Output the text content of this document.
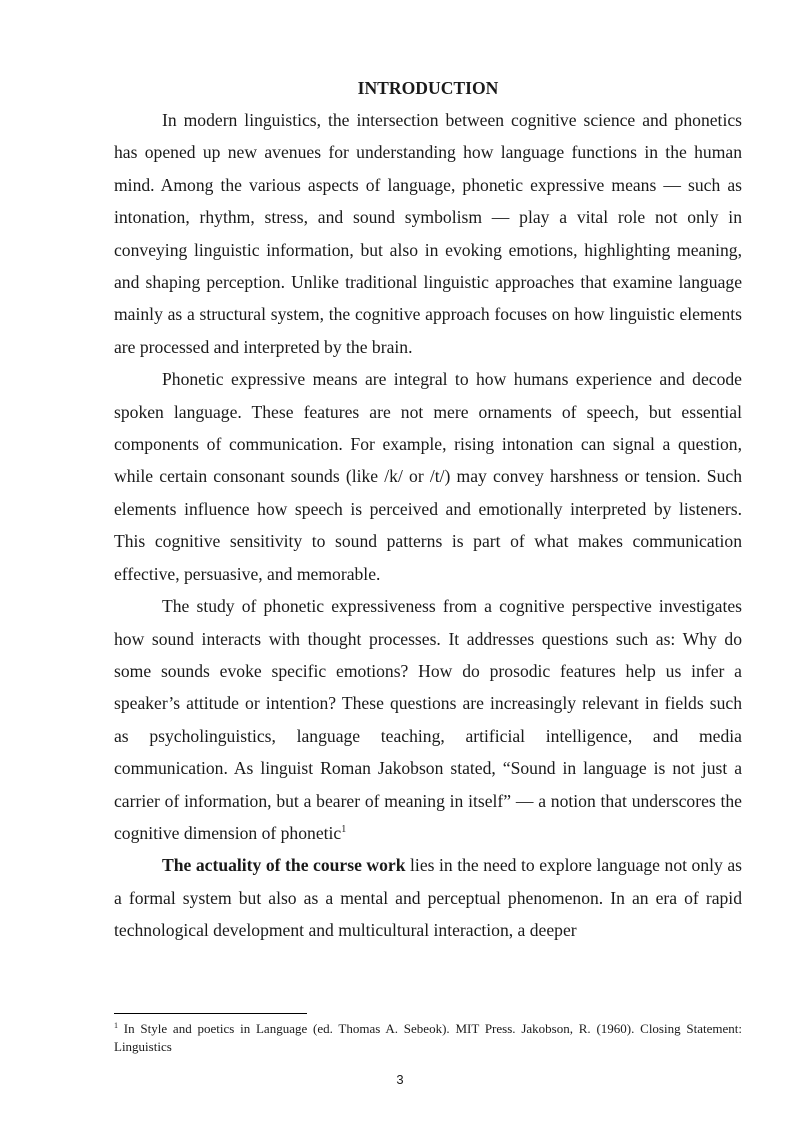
INTRODUCTION

In modern linguistics, the intersection between cognitive science and phonetics has opened up new avenues for understanding how language functions in the human mind. Among the various aspects of language, phonetic expressive means — such as intonation, rhythm, stress, and sound symbolism — play a vital role not only in conveying linguistic information, but also in evoking emotions, highlighting meaning, and shaping perception. Unlike traditional linguistic approaches that examine language mainly as a structural system, the cognitive approach focuses on how linguistic elements are processed and interpreted by the brain.

Phonetic expressive means are integral to how humans experience and decode spoken language. These features are not mere ornaments of speech, but essential components of communication. For example, rising intonation can signal a question, while certain consonant sounds (like /k/ or /t/) may convey harshness or tension. Such elements influence how speech is perceived and emotionally interpreted by listeners. This cognitive sensitivity to sound patterns is part of what makes communication effective, persuasive, and memorable.

The study of phonetic expressiveness from a cognitive perspective investigates how sound interacts with thought processes. It addresses questions such as: Why do some sounds evoke specific emotions? How do prosodic features help us infer a speaker’s attitude or intention? These questions are increasingly relevant in fields such as psycholinguistics, language teaching, artificial intelligence, and media communication. As linguist Roman Jakobson stated, “Sound in language is not just a carrier of information, but a bearer of meaning in itself” — a notion that underscores the cognitive dimension of phonetic$^1$

The actuality of the course work lies in the need to explore language not only as a formal system but also as a mental and perceptual phenomenon. In an era of rapid technological development and multicultural interaction, a deeper

$^1$ In Style and poetics in Language (ed. Thomas A. Sebeok). MIT Press. Jakobson, R. (1960). Closing Statement: Linguistics
3
